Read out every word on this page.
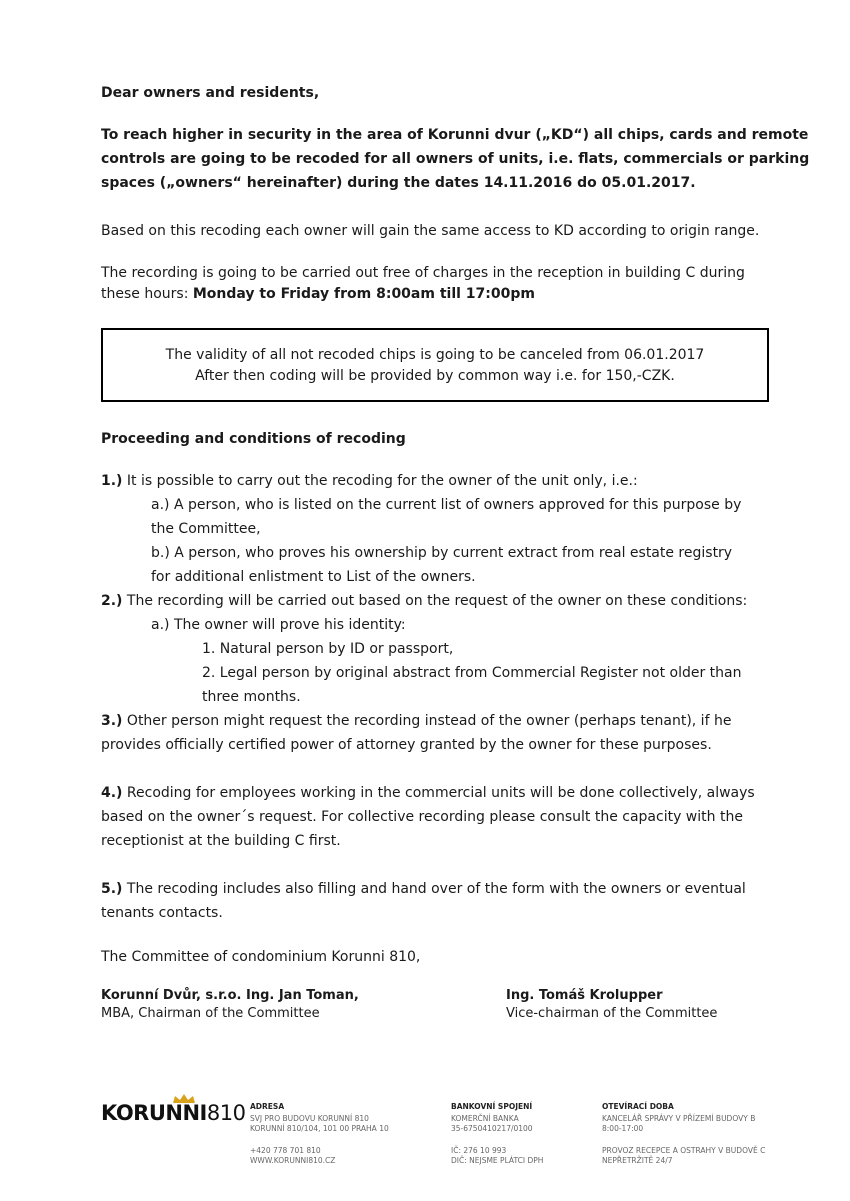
Dear owners and residents,
To reach higher in security in the area of Korunni dvur („KD“) all chips, cards and remote
controls are going to be recoded for all owners of units, i.e. flats, commercials or parking
spaces („owners“ hereinafter) during the dates 14.11.2016 do 05.01.2017.
Based on this recoding each owner will gain the same access to KD according to origin range.
The recording is going to be carried out free of charges in the reception in building C during
these hours: Monday to Friday from 8:00am till 17:00pm
The validity of all not recoded chips is going to be canceled from 06.01.2017
After then coding will be provided by common way i.e. for 150,-CZK.
Proceeding and conditions of recoding
1.) It is possible to carry out the recoding for the owner of the unit only, i.e.:
a.) A person, who is listed on the current list of owners approved for this purpose by
the Committee,
b.) A person, who proves his ownership by current extract from real estate registry
for additional enlistment to List of the owners.
2.) The recording will be carried out based on the request of the owner on these conditions:
a.) The owner will prove his identity:
1. Natural person by ID or passport,
2. Legal person by original abstract from Commercial Register not older than
three months.
3.) Other person might request the recording instead of the owner (perhaps tenant), if he
provides officially certified power of attorney granted by the owner for these purposes.
4.) Recoding for employees working in the commercial units will be done collectively, always
based on the owner´s request. For collective recording please consult the capacity with the
receptionist at the building C first.
5.) The recoding includes also filling and hand over of the form with the owners or eventual
tenants contacts.
The Committee of condominium Korunni 810,
Korunní Dvůr, s.r.o. Ing. Jan Toman,
MBA, Chairman of the Committee
Ing. Tomáš Krolupper
Vice-chairman of the Committee
KORUNNI810 ADRESA
SVJ PRO BUDOVU KORUNNÍ 810
KORUNNÍ 810/104, 101 00 PRAHA 10
+420 778 701 810
WWW.KORUNNI810.CZ
BANKOVNÍ SPOJENÍ
KOMERČNÍ BANKA
35-6750410217/0100
IČ: 276 10 993
DIČ: NEJSME PLÁTCI DPH
OTEVÍRACÍ DOBA
KANCELÁŘ SPRÁVY V PŘÍZEMÍ BUDOVY B
8:00-17:00
PROVOZ RECEPCE A OSTRAHY V BUDOVĚ C
NEPŘETRŽITĚ 24/7
